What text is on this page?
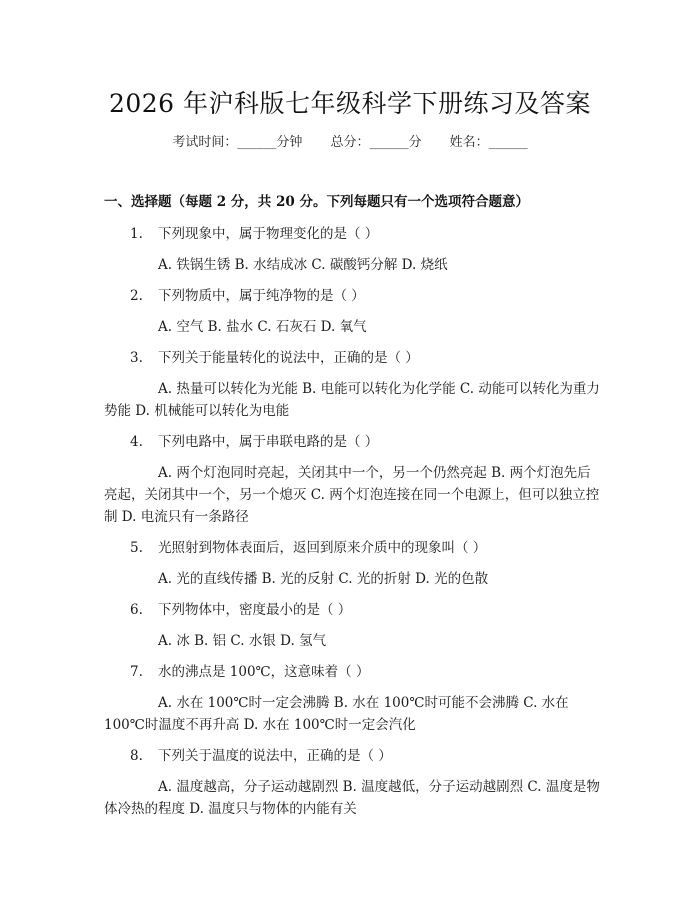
2026 年沪科版七年级科学下册练习及答案
考试时间：______分钟 总分：______分 姓名：______
一、选择题（每题 2 分，共 20 分。下列每题只有一个选项符合题意）
1.	下列现象中，属于物理变化的是（ ）
A. 铁锅生锈 B. 水结成冰 C. 碳酸钙分解 D. 烧纸
2.	下列物质中，属于纯净物的是（ ）
A. 空气 B. 盐水 C. 石灰石 D. 氧气
3.	下列关于能量转化的说法中，正确的是（ ）
A. 热量可以转化为光能 B. 电能可以转化为化学能 C. 动能可以转化为重力势能 D. 机械能可以转化为电能
4.	下列电路中，属于串联电路的是（ ）
A. 两个灯泡同时亮起，关闭其中一个，另一个仍然亮起 B. 两个灯泡先后亮起，关闭其中一个，另一个熄灭 C. 两个灯泡连接在同一个电源上，但可以独立控制 D. 电流只有一条路径
5.	光照射到物体表面后，返回到原来介质中的现象叫（ ）
A. 光的直线传播 B. 光的反射 C. 光的折射 D. 光的色散
6.	下列物体中，密度最小的是（ ）
A. 冰 B. 铝 C. 水银 D. 氢气
7.	水的沸点是 100℃，这意味着（ ）
A. 水在 100℃时一定会沸腾 B. 水在 100℃时可能不会沸腾 C. 水在 100℃时温度不再升高 D. 水在 100℃时一定会汽化
8.	下列关于温度的说法中，正确的是（ ）
A. 温度越高，分子运动越剧烈 B. 温度越低，分子运动越剧烈 C. 温度是物体冷热的程度 D. 温度只与物体的内能有关
